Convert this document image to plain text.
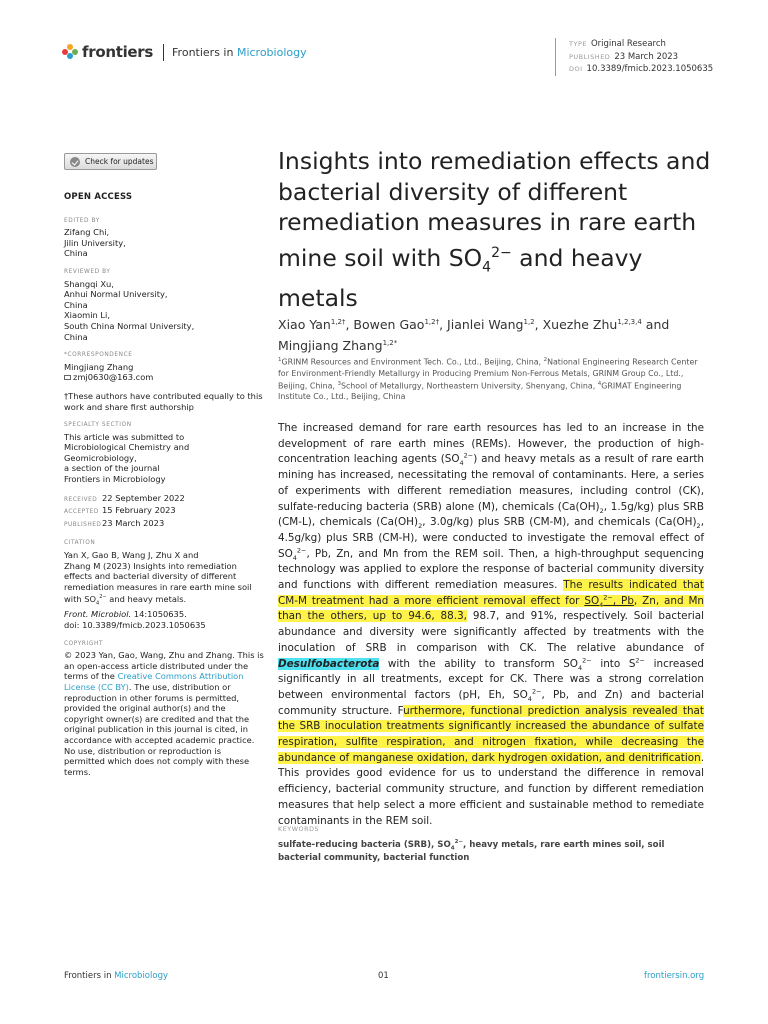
frontiers Frontiers in Microbiology
TYPE Original Research
PUBLISHED 23 March 2023
DOI 10.3389/fmicb.2023.1050635
Check for updates
OPEN ACCESS
EDITED BY
Zifang Chi,
Jilin University,
China
REVIEWED BY
Shangqi Xu,
Anhui Normal University,
China
Xiaomin Li,
South China Normal University,
China
*CORRESPONDENCE
Mingjiang Zhang
zmj0630@163.com
†These authors have contributed equally to this
work and share first authorship
SPECIALTY SECTION
This article was submitted to
Microbiological Chemistry and
Geomicrobiology,
a section of the journal
Frontiers in Microbiology
RECEIVED 22 September 2022
ACCEPTED 15 February 2023
PUBLISHED23 March 2023
CITATION
Yan X, Gao B, Wang J, Zhu X and
Zhang M (2023) Insights into remediation
effects and bacterial diversity of different
remediation measures in rare earth mine soil
with $SO_4^{2-}$ and heavy metals.
Front. Microbiol. 14:1050635.
doi: 10.3389/fmicb.2023.1050635
COPYRIGHT
© 2023 Yan, Gao, Wang, Zhu and Zhang. This is
an open-access article distributed under the
terms of the Creative Commons Attribution
License (CC BY). The use, distribution or
reproduction in other forums is permitted,
provided the original author(s) and the
copyright owner(s) are credited and that the
original publication in this journal is cited, in
accordance with accepted academic practice.
No use, distribution or reproduction is
permitted which does not comply with these
terms.
Insights into remediation effects and bacterial diversity of different remediation measures in rare earth mine soil with $SO_4^{2-}$ and heavy metals
Xiao Yan$^{1,2\dagger}$, Bowen Gao$^{1,2\dagger}$, Jianlei Wang$^{1,2}$, Xuezhe Zhu$^{1,2,3,4}$ and Mingjiang Zhang$^{1,2*}$
$^1$GRINM Resources and Environment Tech. Co., Ltd., Beijing, China, $^2$National Engineering Research Center for Environment-Friendly Metallurgy in Producing Premium Non-Ferrous Metals, GRINM Group Co., Ltd., Beijing, China, $^3$School of Metallurgy, Northeastern University, Shenyang, China, $^4$GRIMAT Engineering Institute Co., Ltd., Beijing, China
The increased demand for rare earth resources has led to an increase in the development of rare earth mines (REMs). However, the production of high-concentration leaching agents $(SO_4^{2-})$ and heavy metals as a result of rare earth mining has increased, necessitating the removal of contaminants. Here, a series of experiments with different remediation measures, including control (CK), sulfate-reducing bacteria (SRB) alone (M), chemicals ($Ca(OH)_2$, 1.5g/kg) plus SRB (CM-L), chemicals ($Ca(OH)_2$, 3.0g/kg) plus SRB (CM-M), and chemicals ($Ca(OH)_2$, 4.5g/kg) plus SRB (CM-H), were conducted to investigate the removal effect of $SO_4^{2-}$, Pb, Zn, and Mn from the REM soil. Then, a high-throughput sequencing technology was applied to explore the response of bacterial community diversity and functions with different remediation measures. The results indicated that CM-M treatment had a more efficient removal effect for $SO_4^{2-}$, Pb, Zn, and Mn than the others, up to 94.6, 88.3, 98.7, and 91%, respectively. Soil bacterial abundance and diversity were significantly affected by treatments with the inoculation of SRB in comparison with CK. The relative abundance of Desulfobacterota with the ability to transform $SO_4^{2-}$ into $S^{2-}$ increased significantly in all treatments, except for CK. There was a strong correlation between environmental factors (pH, Eh, $SO_4^{2-}$, Pb, and Zn) and bacterial community structure. Furthermore, functional prediction analysis revealed that the SRB inoculation treatments significantly increased the abundance of sulfate respiration, sulfite respiration, and nitrogen fixation, while decreasing the abundance of manganese oxidation, dark hydrogen oxidation, and denitrification. This provides good evidence for us to understand the difference in removal efficiency, bacterial community structure, and function by different remediation measures that help select a more efficient and sustainable method to remediate contaminants in the REM soil.
KEYWORDS
sulfate-reducing bacteria (SRB), $SO_4^{2-}$, heavy metals, rare earth mines soil, soil bacterial community, bacterial function
Frontiers in Microbiology	01	frontiersin.org
